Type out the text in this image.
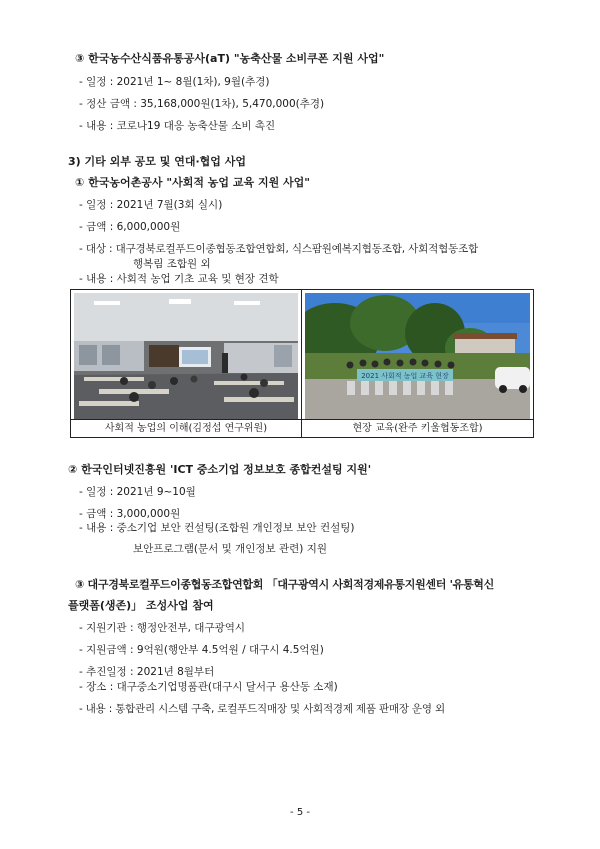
③ 한국농수산식품유통공사(aT) "농축산물 소비쿠폰 지원 사업"
- 일정 : 2021년 1~ 8월(1차), 9월(추경)
- 정산 금액 : 35,168,000원(1차), 5,470,000(추경)
- 내용 : 코로나19 대응 농축산물 소비 촉진
3) 기타 외부 공모 및 연대·협업 사업
① 한국농어촌공사 "사회적 농업 교육 지원 사업"
- 일정 : 2021년 7월(3회 실시)
- 금액 : 6,000,000원
- 대상 : 대구경북로컬푸드이종협동조합연합회, 식스팜원예복지협동조합, 사회적협동조합
행복림 조합원 외
- 내용 : 사회적 농업 기초 교육 및 현장 견학
사회적 농업의 이해(김정섭 연구위원)
2021 사회적 농업 교육 현장
현장 교육(완주 키울협동조합)
② 한국인터넷진흥원 'ICT 중소기업 정보보호 종합컨설팅 지원'
- 일정 : 2021년 9~10월
- 금액 : 3,000,000원
- 내용 : 중소기업 보안 컨설팅(조합원 개인정보 보안 컨설팅)
보안프로그램(문서 및 개인정보 관련) 지원
③ 대구경북로컬푸드이종협동조합연합회 「대구광역시 사회적경제유통지원센터 '유통혁신
플랫폼(생존)」 조성사업 참여
- 지원기관 : 행정안전부, 대구광역시
- 지원금액 : 9억원(행안부 4.5억원 / 대구시 4.5억원)
- 추진일정 : 2021년 8월부터
- 장소 : 대구중소기업명품관(대구시 달서구 용산동 소재)
- 내용 : 통합관리 시스템 구축, 로컬푸드직매장 및 사회적경제 제품 판매장 운영 외
- 5 -
